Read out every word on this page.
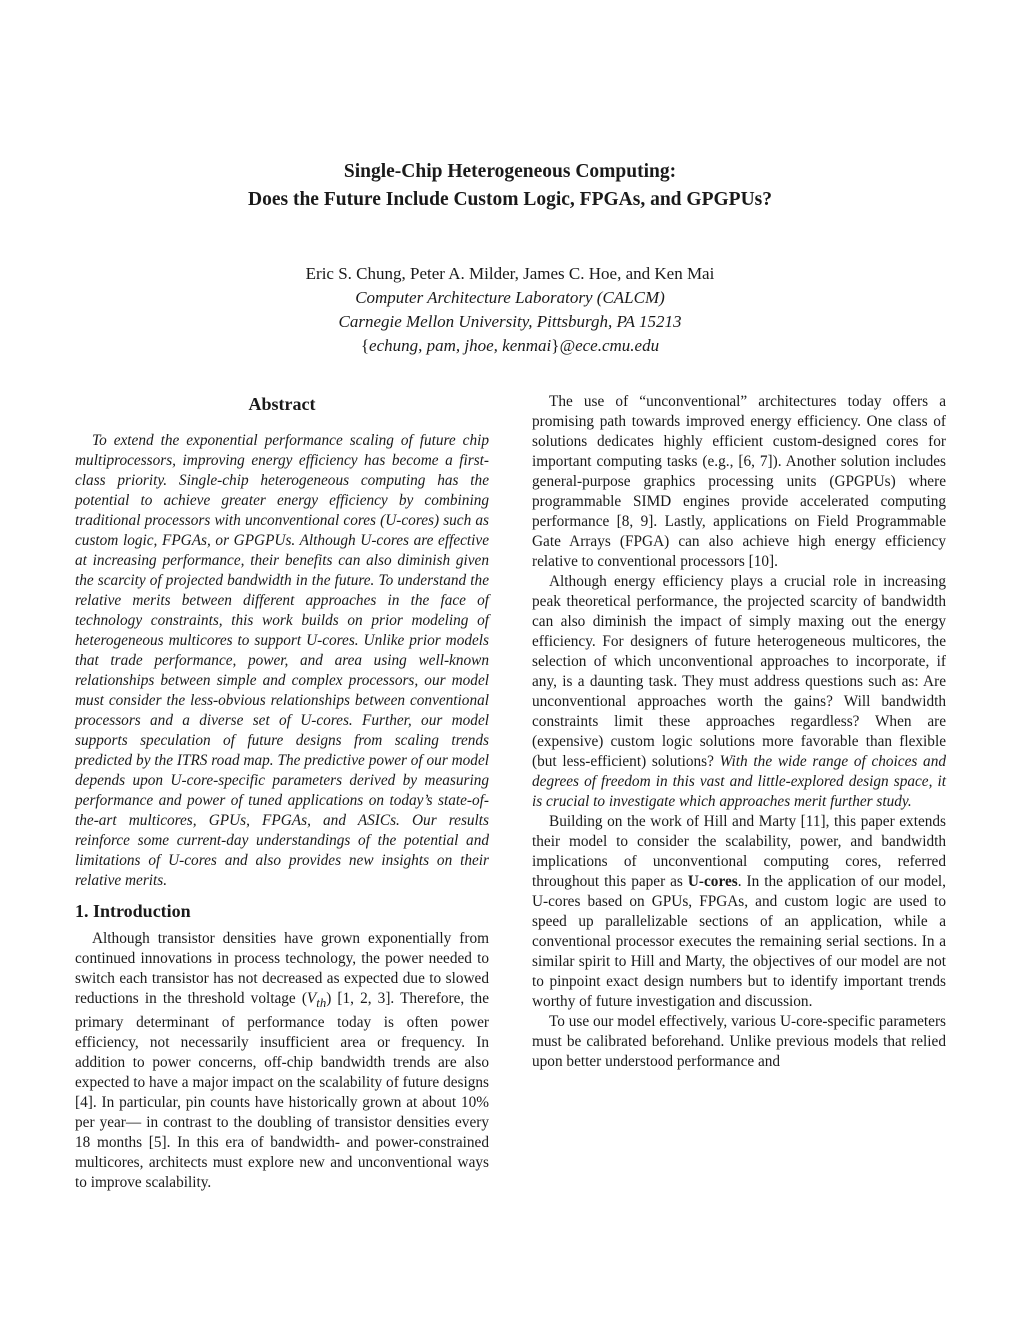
Single-Chip Heterogeneous Computing:
Does the Future Include Custom Logic, FPGAs, and GPGPUs?
Eric S. Chung, Peter A. Milder, James C. Hoe, and Ken Mai
Computer Architecture Laboratory (CALCM)
Carnegie Mellon University, Pittsburgh, PA 15213
{echung, pam, jhoe, kenmai}@ece.cmu.edu
Abstract

To extend the exponential performance scaling of future chip multiprocessors, improving energy efficiency has become a first-class priority. Single-chip heterogeneous computing has the potential to achieve greater energy efficiency by combining traditional processors with unconventional cores (U-cores) such as custom logic, FPGAs, or GPGPUs. Although U-cores are effective at increasing performance, their benefits can also diminish given the scarcity of projected bandwidth in the future. To understand the relative merits between different approaches in the face of technology constraints, this work builds on prior modeling of heterogeneous multicores to support U-cores. Unlike prior models that trade performance, power, and area using well-known relationships between simple and complex processors, our model must consider the less-obvious relationships between conventional processors and a diverse set of U-cores. Further, our model supports speculation of future designs from scaling trends predicted by the ITRS road map. The predictive power of our model depends upon U-core-specific parameters derived by measuring performance and power of tuned applications on today’s state-of-the-art multicores, GPUs, FPGAs, and ASICs. Our results reinforce some current-day understandings of the potential and limitations of U-cores and also provides new insights on their relative merits.

1. Introduction

Although transistor densities have grown exponentially from continued innovations in process technology, the power needed to switch each transistor has not decreased as expected due to slowed reductions in the threshold voltage $(V_{th})$ [1, 2, 3]. Therefore, the primary determinant of performance today is often power efficiency, not necessarily insufficient area or frequency. In addition to power concerns, off-chip bandwidth trends are also expected to have a major impact on the scalability of future designs [4]. In particular, pin counts have historically grown at about 10% per year— in contrast to the doubling of transistor densities every 18 months [5]. In this era of bandwidth- and power-constrained multicores, architects must explore new and unconventional ways to improve scalability.

The use of “unconventional” architectures today offers a promising path towards improved energy efficiency. One class of solutions dedicates highly efficient custom-designed cores for important computing tasks (e.g., [6, 7]). Another solution includes general-purpose graphics processing units (GPGPUs) where programmable SIMD engines provide accelerated computing performance [8, 9]. Lastly, applications on Field Programmable Gate Arrays (FPGA) can also achieve high energy efficiency relative to conventional processors [10].

Although energy efficiency plays a crucial role in increasing peak theoretical performance, the projected scarcity of bandwidth can also diminish the impact of simply maxing out the energy efficiency. For designers of future heterogeneous multicores, the selection of which unconventional approaches to incorporate, if any, is a daunting task. They must address questions such as: Are unconventional approaches worth the gains? Will bandwidth constraints limit these approaches regardless? When are (expensive) custom logic solutions more favorable than flexible (but less-efficient) solutions? With the wide range of choices and degrees of freedom in this vast and little-explored design space, it is crucial to investigate which approaches merit further study.

Building on the work of Hill and Marty [11], this paper extends their model to consider the scalability, power, and bandwidth implications of unconventional computing cores, referred throughout this paper as U-cores. In the application of our model, U-cores based on GPUs, FPGAs, and custom logic are used to speed up parallelizable sections of an application, while a conventional processor executes the remaining serial sections. In a similar spirit to Hill and Marty, the objectives of our model are not to pinpoint exact design numbers but to identify important trends worthy of future investigation and discussion.

To use our model effectively, various U-core-specific parameters must be calibrated beforehand. Unlike previous models that relied upon better understood performance and
